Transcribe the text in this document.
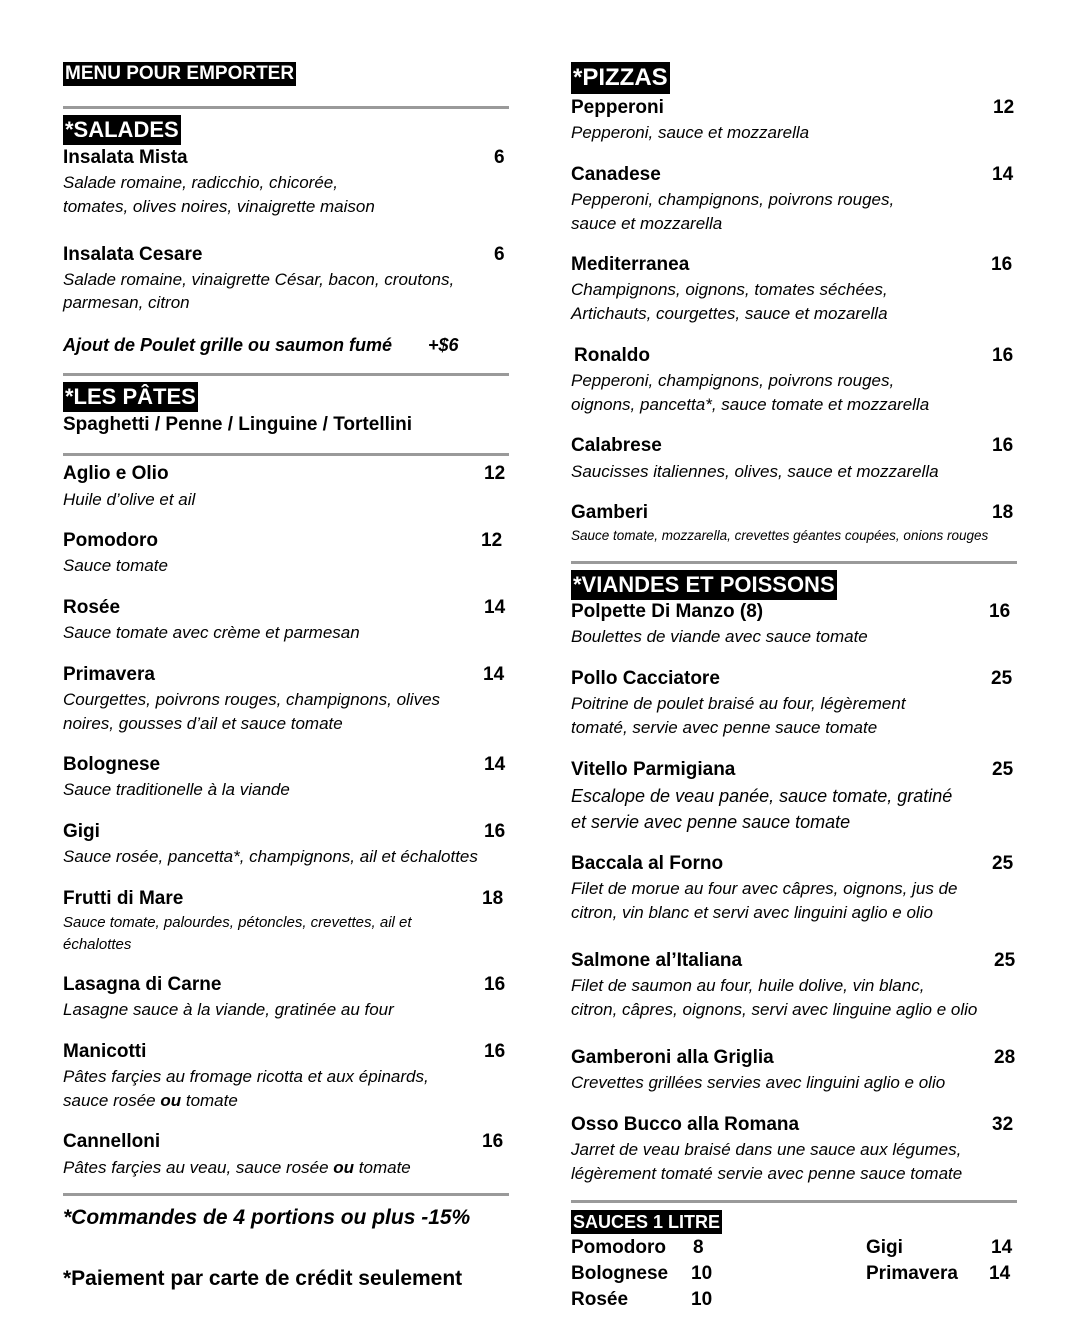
MENU POUR EMPORTER
*SALADES
Insalata Mista	6
Salade romaine, radicchio, chicorée,
tomates, olives noires, vinaigrette maison
Insalata Cesare	6
Salade romaine, vinaigrette César, bacon, croutons,
parmesan, citron
Ajout de Poulet grille ou saumon fumé +$6
*LES PÂTES
Spaghetti / Penne / Linguine / Tortellini
Aglio e Olio	12
Huile d’olive et ail
Pomodoro	12
Sauce tomate
Rosée	14
Sauce tomate avec crème et parmesan
Primavera	14
Courgettes, poivrons rouges, champignons, olives
noires, gousses d’ail et sauce tomate
Bolognese	14
Sauce traditionelle à la viande
Gigi	16
Sauce rosée, pancetta*, champignons, ail et échalottes
Frutti di Mare	18
Sauce tomate, palourdes, pétoncles, crevettes, ail et
échalottes
Lasagna di Carne	16
Lasagne sauce à la viande, gratinée au four
Manicotti	16
Pâtes farçies au fromage ricotta et aux épinards,
sauce rosée ou tomate
Cannelloni	16
Pâtes farçies au veau, sauce rosée ou tomate
*Commandes de 4 portions ou plus -15%
*Paiement par carte de crédit seulement
*PIZZAS
Pepperoni	12
Pepperoni, sauce et mozzarella
Canadese	14
Pepperoni, champignons, poivrons rouges,
sauce et mozzarella
Mediterranea	16
Champignons, oignons, tomates séchées,
Artichauts, courgettes, sauce et mozarella
Ronaldo	16
Pepperoni, champignons, poivrons rouges,
oignons, pancetta*, sauce tomate et mozzarella
Calabrese	16
Saucisses italiennes, olives, sauce et mozzarella
Gamberi	18
Sauce tomate, mozzarella, crevettes géantes coupées, onions rouges
*VIANDES ET POISSONS
Polpette Di Manzo (8)	16
Boulettes de viande avec sauce tomate
Pollo Cacciatore	25
Poitrine de poulet braisé au four, légèrement
tomaté, servie avec penne sauce tomate
Vitello Parmigiana	25
Escalope de veau panée, sauce tomate, gratiné
et servie avec penne sauce tomate
Baccala al Forno	25
Filet de morue au four avec câpres, oignons, jus de
citron, vin blanc et servi avec linguini aglio e olio
Salmone al’Italiana	25
Filet de saumon au four, huile dolive, vin blanc,
citron, câpres, oignons, servi avec linguine aglio e olio
Gamberoni alla Griglia	28
Crevettes grillées servies avec linguini aglio e olio
Osso Bucco alla Romana	32
Jarret de veau braisé dans une sauce aux légumes,
légèrement tomaté servie avec penne sauce tomate
SAUCES 1 LITRE
Pomodoro 8
Bolognese 10
Rosée	10
Gigi	14
Primavera 14
